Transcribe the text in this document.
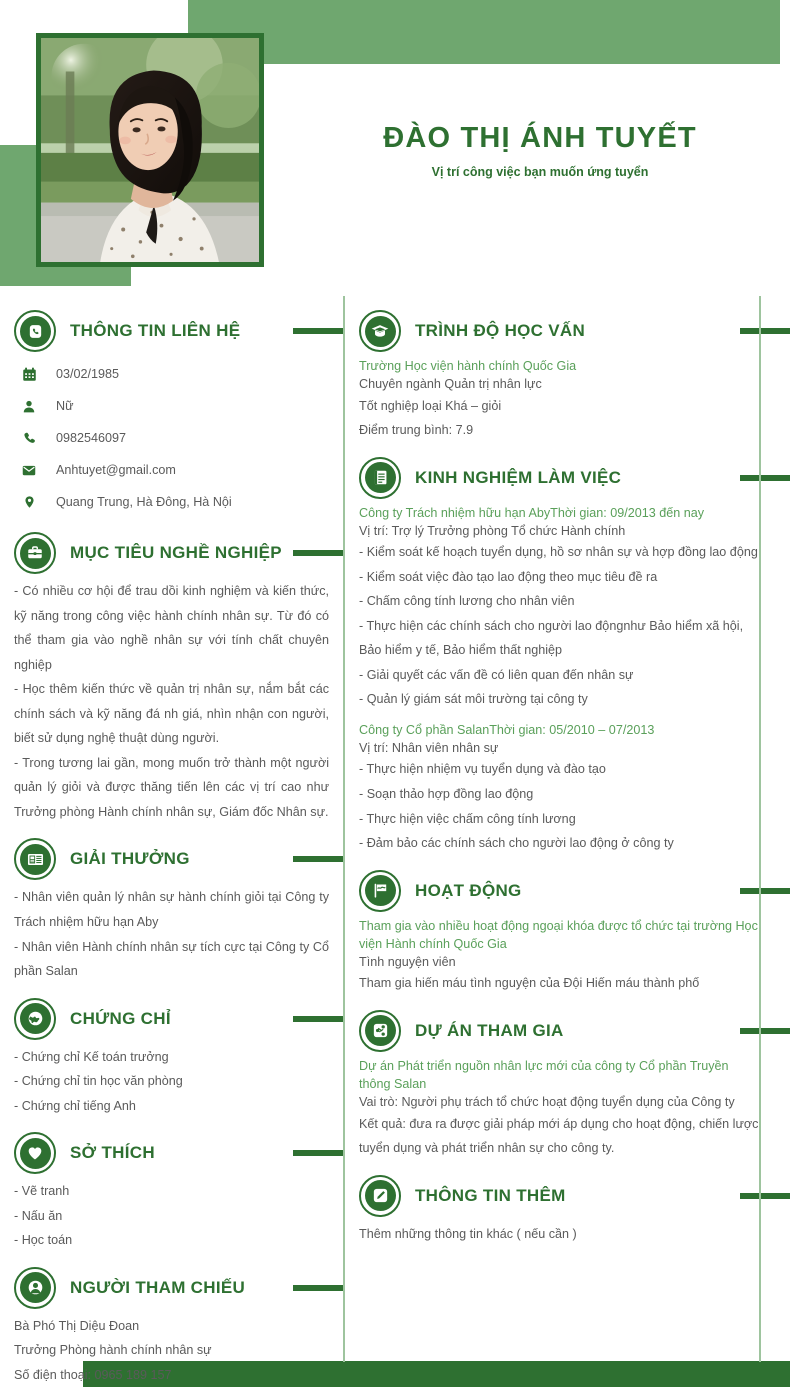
ĐÀO THỊ ÁNH TUYẾT
Vị trí công việc bạn muốn ứng tuyển
THÔNG TIN LIÊN HỆ
03/02/1985
Nữ
0982546097
Anhtuyet@gmail.com
Quang Trung, Hà Đông, Hà Nội
MỤC TIÊU NGHỀ NGHIỆP

- Có nhiều cơ hội để trau dồi kinh nghiệm và kiến thức, kỹ năng trong công việc hành chính nhân sự. Từ đó có thể tham gia vào nghề nhân sự với tính chất chuyên nghiệp

- Học thêm kiến thức về quản trị nhân sự, nắm bắt các chính sách và kỹ năng đá nh giá, nhìn nhận con người, biết sử dụng nghệ thuật dùng người.

- Trong tương lai gần, mong muốn trở thành một người quản lý giỏi và được thăng tiến lên các vị trí cao như Trưởng phòng Hành chính nhân sự, Giám đốc Nhân sự.

GIẢI THƯỞNG

- Nhân viên quản lý nhân sự hành chính giỏi tại Công ty Trách nhiệm hữu hạn Aby

- Nhân viên Hành chính nhân sự tích cực tại Công ty Cổ phần Salan

CHỨNG CHỈ

- Chứng chỉ Kế toán trưởng

- Chứng chỉ tin học văn phòng

- Chứng chỉ tiếng Anh

SỞ THÍCH

- Vẽ tranh

- Nấu ăn

- Học toán

NGƯỜI THAM CHIẾU

Bà Phó Thị Diệu Đoan

Trưởng Phòng hành chính nhân sự

Số điện thoại: 0965 189 157

TRÌNH ĐỘ HỌC VẤN

Trường Học viện hành chính Quốc Gia

Chuyên ngành Quản trị nhân lực

Tốt nghiệp loại Khá – giỏi

Điểm trung bình: 7.9

KINH NGHIỆM LÀM VIỆC

Công ty Trách nhiệm hữu hạn AbyThời gian: 09/2013 đến nay

Vị trí: Trợ lý Trưởng phòng Tổ chức Hành chính

- Kiểm soát kế hoạch tuyển dụng, hồ sơ nhân sự và hợp đồng lao động

- Kiểm soát việc đào tạo lao động theo mục tiêu đề ra

- Chấm công tính lương cho nhân viên

- Thực hiện các chính sách cho người lao độngnhư Bảo hiểm xã hội, Bảo hiểm y tế, Bảo hiểm thất nghiệp

- Giải quyết các vấn đề có liên quan đến nhân sự

- Quản lý giám sát môi trường tại công ty

Công ty Cổ phần SalanThời gian: 05/2010 – 07/2013

Vị trí: Nhân viên nhân sự

- Thực hiện nhiệm vụ tuyển dụng và đào tạo

- Soạn thảo hợp đồng lao động

- Thực hiện việc chấm công tính lương

- Đảm bảo các chính sách cho người lao động ở công ty

HOẠT ĐỘNG

Tham gia vào nhiều hoạt động ngoại khóa được tổ chức tại trường Học viện Hành chính Quốc Gia

Tình nguyện viên

Tham gia hiến máu tình nguyện của Đội Hiến máu thành phố

DỰ ÁN THAM GIA

Dự án Phát triển nguồn nhân lực mới của công ty Cổ phần Truyền thông Salan

Vai trò: Người phụ trách tổ chức hoạt động tuyển dụng của Công ty

Kết quả: đưa ra được giải pháp mới áp dụng cho hoạt động, chiến lược tuyển dụng và phát triển nhân sự cho công ty.

THÔNG TIN THÊM

Thêm những thông tin khác ( nếu cần )
